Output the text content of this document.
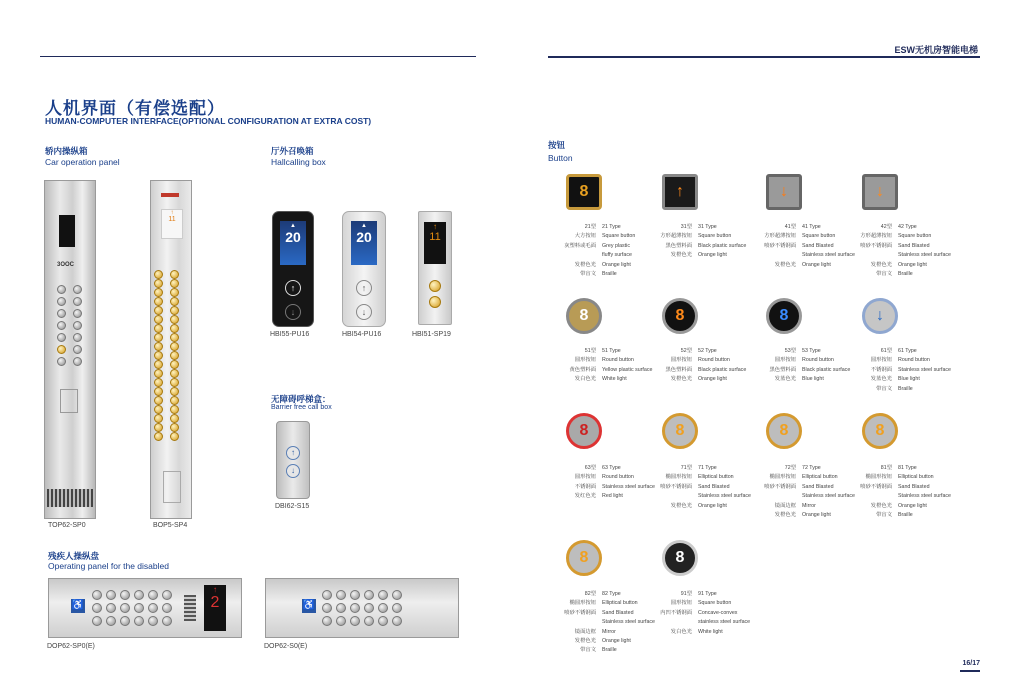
ESW无机房智能电梯
人机界面（有偿选配）
HUMAN-COMPUTER INTERFACE(OPTIONAL CONFIGURATION AT EXTRA COST)
轿内操纵箱
Car operation panel
3OOC
TOP62-SP0
↑
11
BOP5-SP4
厅外召唤箱
Hallcalling box
▲
20
↑
↓
HBI55-PU16
▲
20
↑
↓
HBI54-PU16
↑
11
HBI51-SP19
无障碍呼梯盒：
Barrier free call box
↑
↓
DBI62-S15
残疾人操纵盘
Operating panel for the disabled
♿
↑
2
DOP62-SP0(E)
♿
DOP62-S0(E)
按钮
Button
8
21型 21 Type
大方按钮 Square button
灰塑料或毛面 Grey plastic
fluffy surface
发橙色光 Orange light
带盲文 Braille
↑
31型 31 Type
方形超薄按钮 Square button
黑色塑料面 Black plastic surface
发橙色光 Orange light
↓
41型 41 Type
方形超薄按钮 Square button
喷砂不锈钢面 Sand Blasted
Stainless steel surface
发橙色光 Orange light
↓
42型 42 Type
方形超薄按钮 Square button
喷砂不锈钢面 Sand Blasted
Stainless steel surface
发橙色光 Orange light
带盲文 Braille
8
51型 51 Type
圆形按钮 Round button
黄色塑料面 Yellow plastic surface
发白色光 White light
8
52型 52 Type
圆形按钮 Round button
黑色塑料面 Black plastic surface
发橙色光 Orange light
8
53型 53 Type
圆形按钮 Round button
黑色塑料面 Black plastic surface
发蓝色光 Blue light
↓
61型 61 Type
圆形按钮 Round button
不锈钢面 Stainless steel surface
发蓝色光 Blue light
带盲文 Braille
8
63型 63 Type
圆形按钮 Round button
不锈钢面 Stainless steel surface
发红色光 Red light
8
71型 71 Type
椭圆形按钮 Elliptical button
喷砂不锈钢面 Sand Blasted
Stainless steel surface
发橙色光 Orange light
8
72型 72 Type
椭圆形按钮 Elliptical button
喷砂不锈钢面 Sand Blasted
Stainless steel surface
镜面边框 Mirror
发橙色光 Orange light
8
81型 81 Type
椭圆形按钮 Elliptical button
喷砂不锈钢面 Sand Blasted
Stainless steel surface
发橙色光 Orange light
带盲文 Braille
8
82型 82 Type
椭圆形按钮 Elliptical button
喷砂不锈钢面 Sand Blasted
Stainless steel surface
镜面边框 Mirror
发橙色光 Orange light
带盲文 Braille
8
91型 91 Type
圆形按钮 Square button
内凹不锈钢面 Concave-convex
stainless steel surface
发白色光 White light
16/17
